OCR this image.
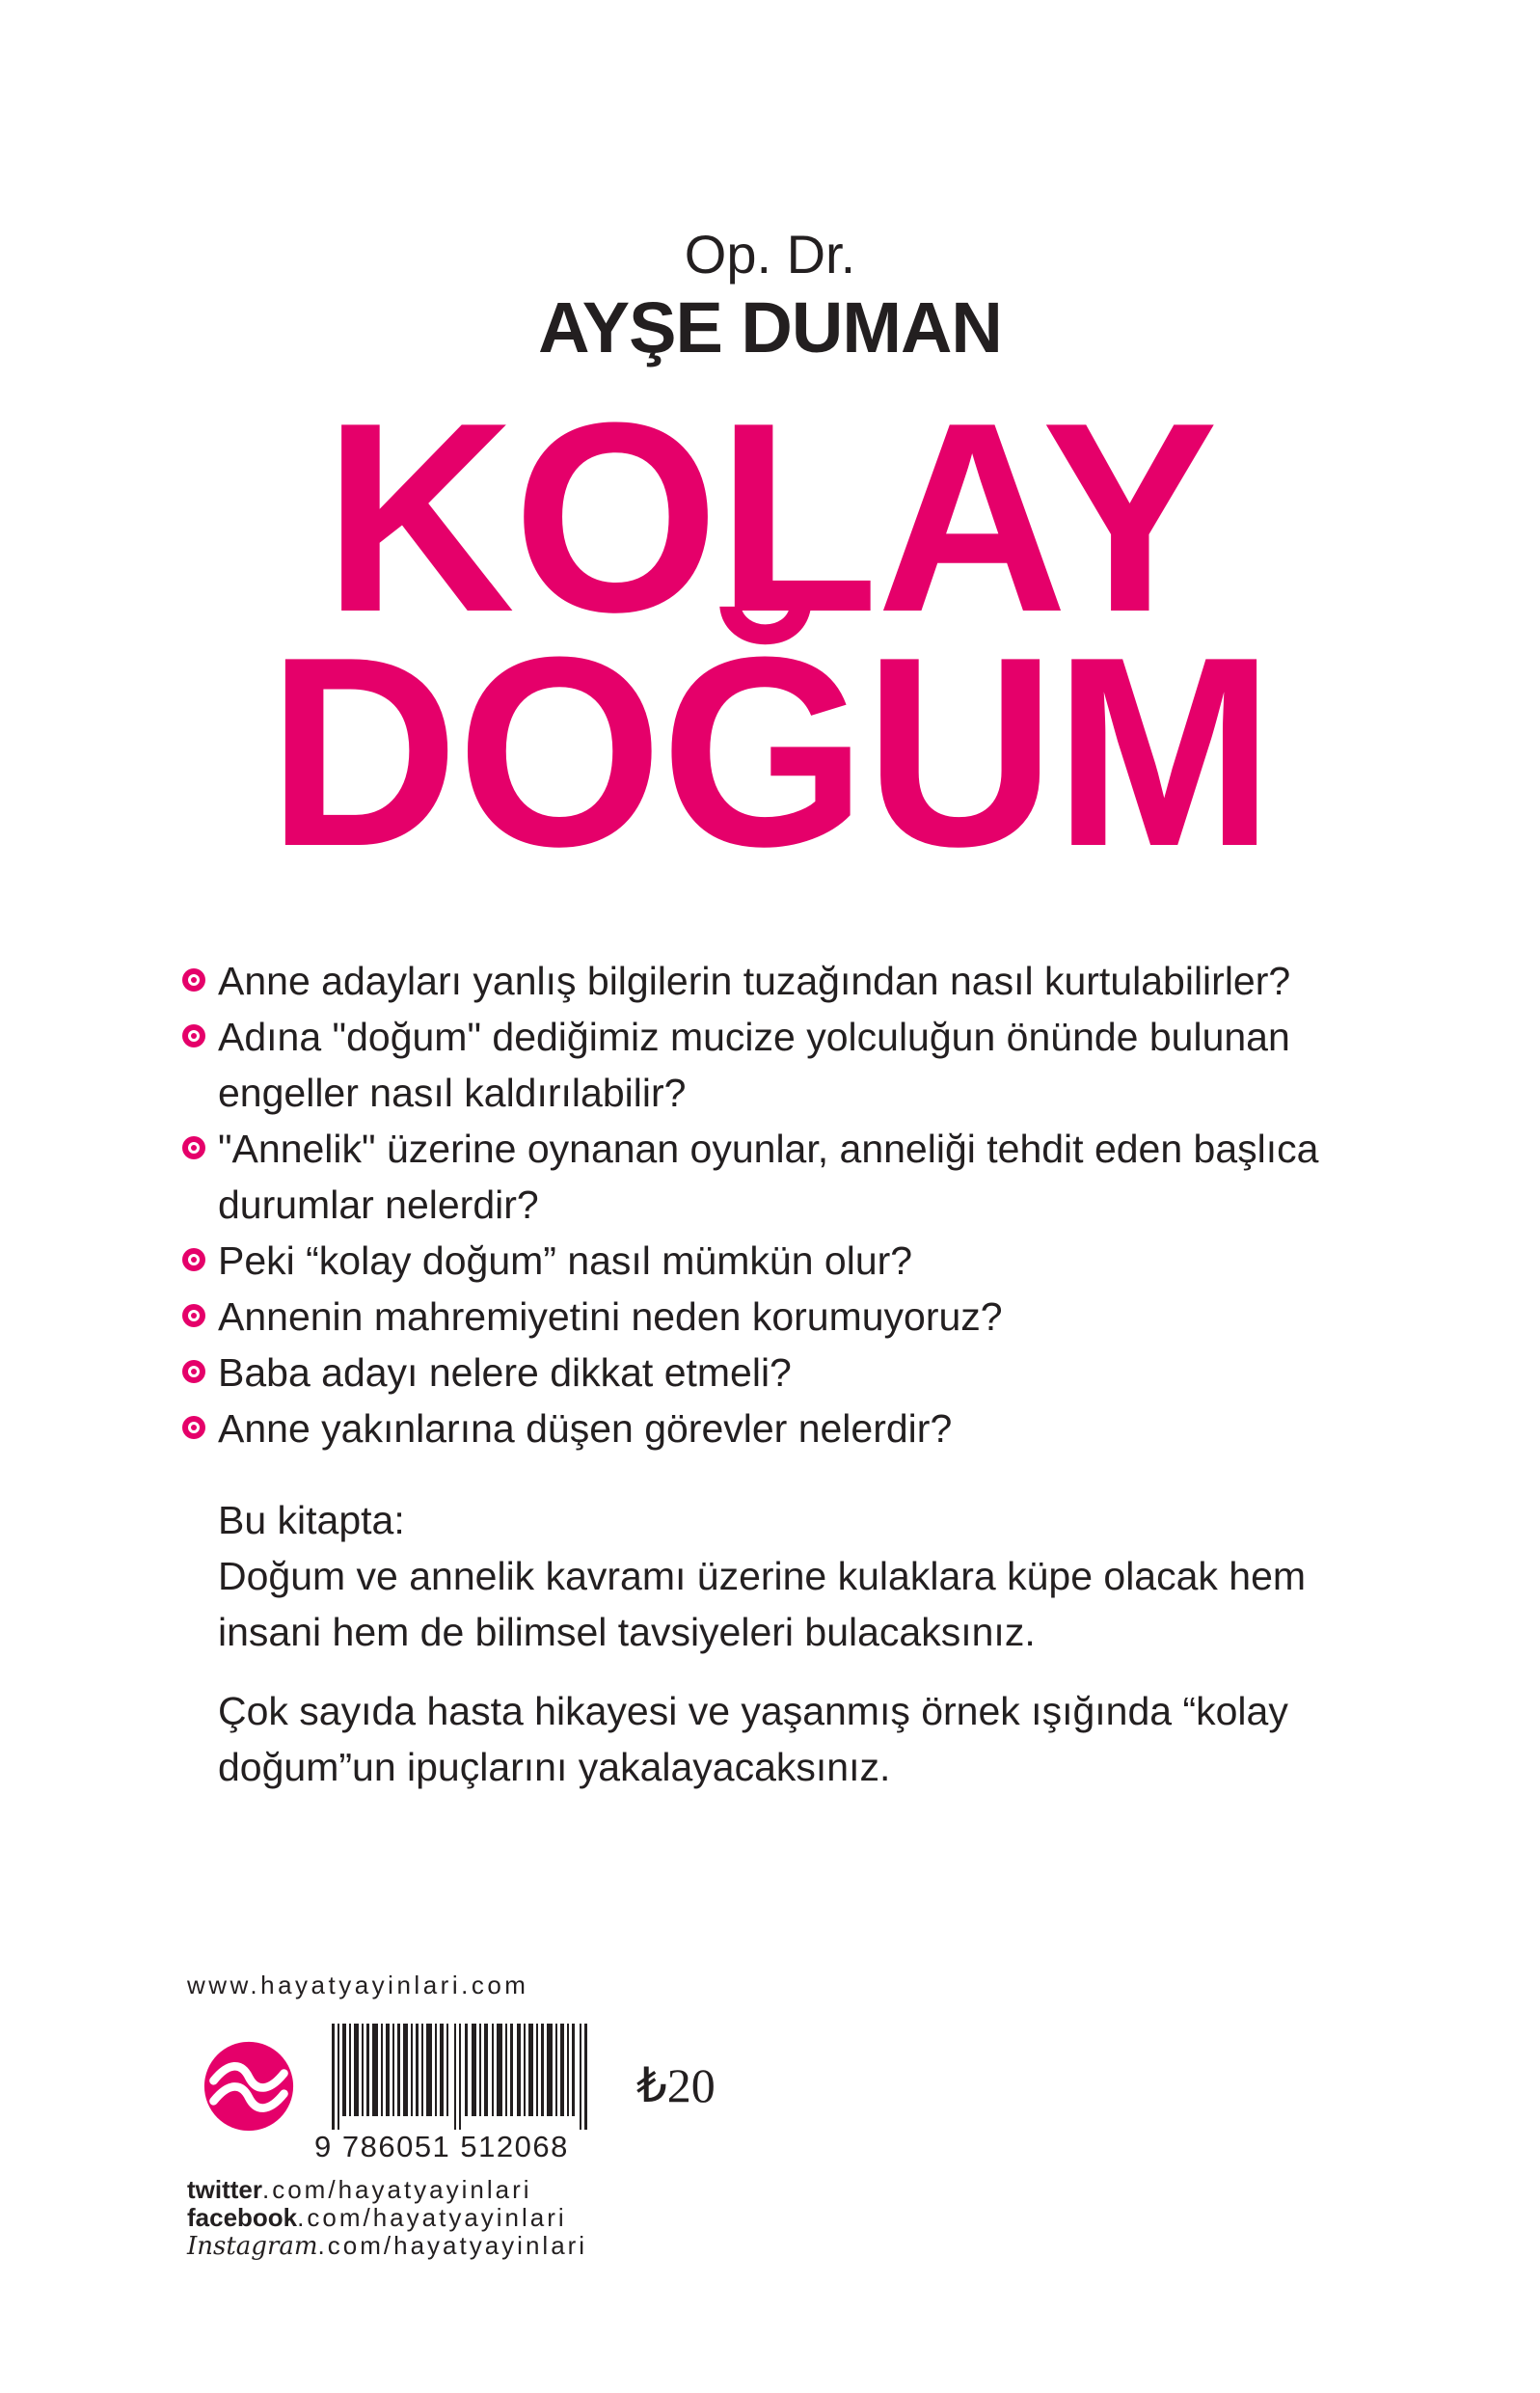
Op. Dr.
AYŞE DUMAN
KOLAY
DOĞUM
Anne adayları yanlış bilgilerin tuzağından nasıl kurtulabilirler?
Adına "doğum" dediğimiz mucize yolculuğun önünde bulunan engeller nasıl kaldırılabilir?
"Annelik" üzerine oynanan oyunlar, anneliği tehdit eden başlıca durumlar nelerdir?
Peki “kolay doğum” nasıl mümkün olur?
Annenin mahremiyetini neden korumuyoruz?
Baba adayı nelere dikkat etmeli?
Anne yakınlarına düşen görevler nelerdir?
Bu kitapta:
Doğum ve annelik kavramı üzerine kulaklara küpe olacak hem insani hem de bilimsel tavsiyeleri bulacaksınız.
Çok sayıda hasta hikayesi ve yaşanmış örnek ışığında “kolay doğum”un ipuçlarını yakalayacaksınız.
www.hayatyayinlari.com
9 786051 512068
₺20
twitter.com/hayatyayinlari
facebook.com/hayatyayinlari
Instagram.com/hayatyayinlari
